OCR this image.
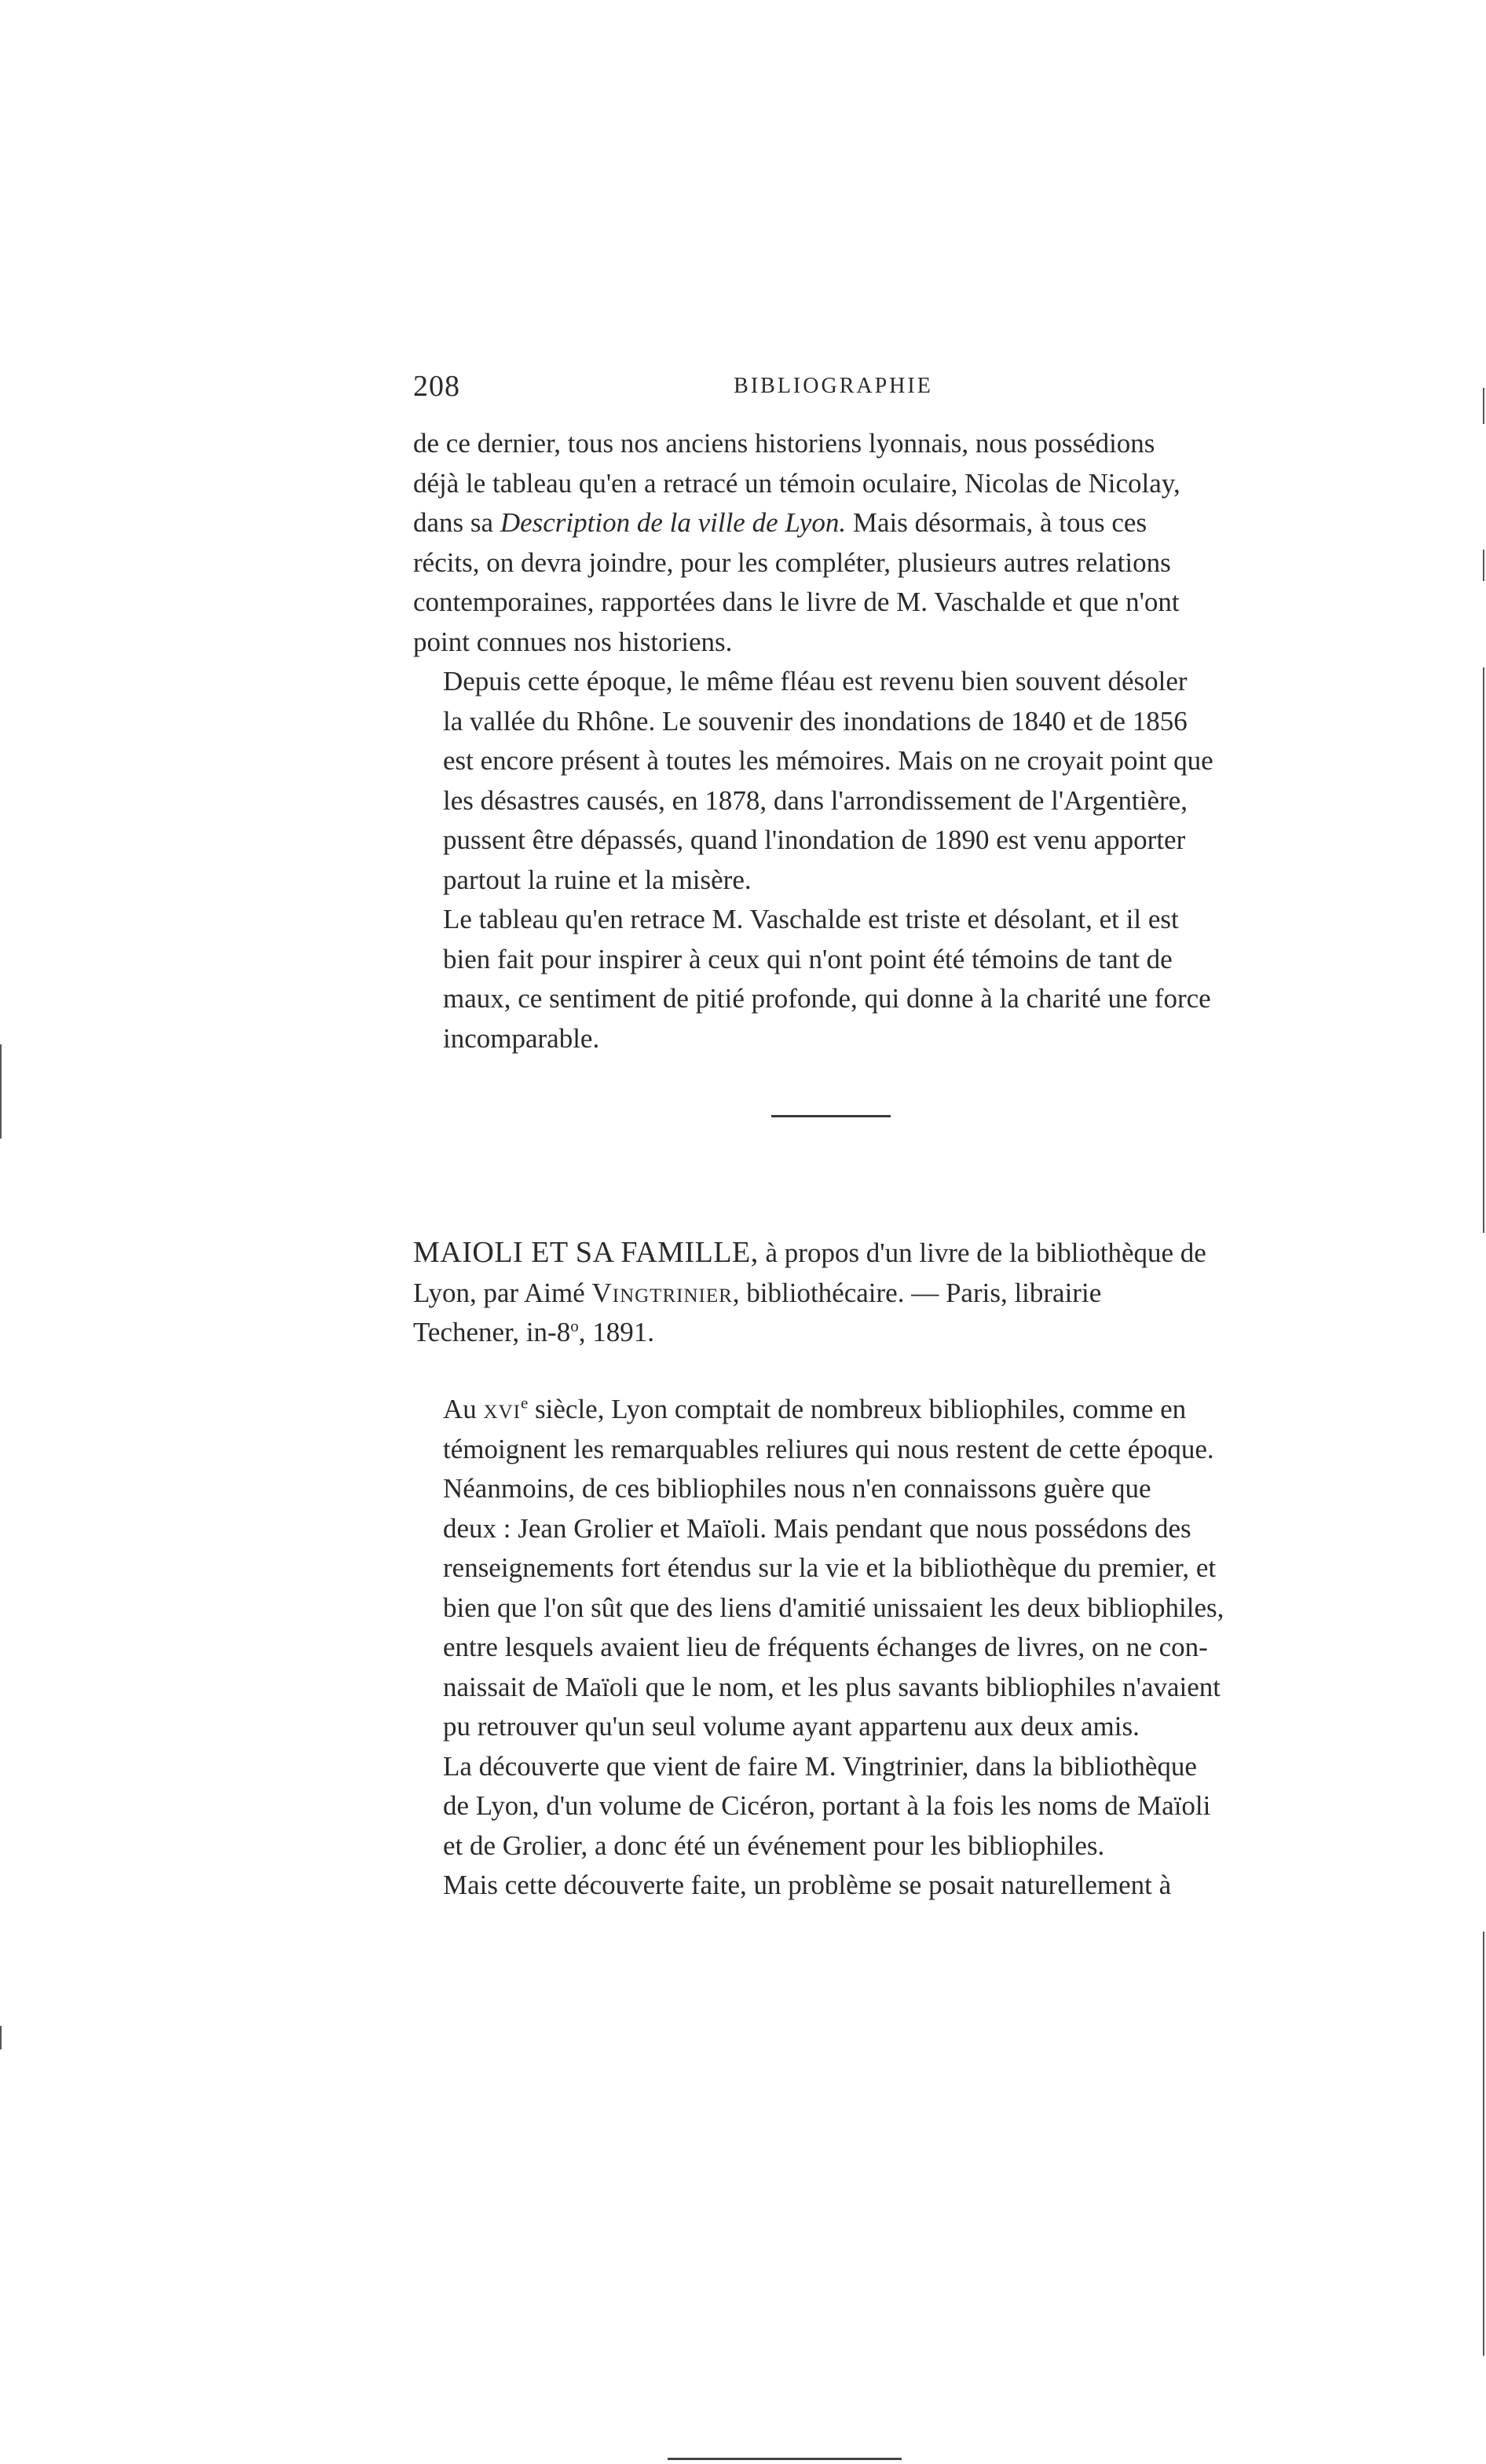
208	BIBLIOGRAPHIE

de ce dernier, tous nos anciens historiens lyonnais, nous possédions
déjà le tableau qu'en a retracé un témoin oculaire, Nicolas de Nicolay,
dans sa Description de la ville de Lyon. Mais désormais, à tous ces
récits, on devra joindre, pour les compléter, plusieurs autres relations
contemporaines, rapportées dans le livre de M. Vaschalde et que n'ont
point connues nos historiens.

Depuis cette époque, le même fléau est revenu bien souvent désoler
la vallée du Rhône. Le souvenir des inondations de 1840 et de 1856
est encore présent à toutes les mémoires. Mais on ne croyait point que
les désastres causés, en 1878, dans l'arrondissement de l'Argentière,
pussent être dépassés, quand l'inondation de 1890 est venu apporter
partout la ruine et la misère.

Le tableau qu'en retrace M. Vaschalde est triste et désolant, et il est
bien fait pour inspirer à ceux qui n'ont point été témoins de tant de
maux, ce sentiment de pitié profonde, qui donne à la charité une force
incomparable.

MAIOLI ET SA FAMILLE, à propos d'un livre de la bibliothèque de
Lyon, par Aimé Vingtrinier, bibliothécaire. — Paris, librairie
Techener, in-8$^o$, 1891.

Au xvi$^e$ siècle, Lyon comptait de nombreux bibliophiles, comme en
témoignent les remarquables reliures qui nous restent de cette époque.

Néanmoins, de ces bibliophiles nous n'en connaissons guère que
deux : Jean Grolier et Maïoli. Mais pendant que nous possédons des
renseignements fort étendus sur la vie et la bibliothèque du premier, et
bien que l'on sût que des liens d'amitié unissaient les deux bibliophiles,
entre lesquels avaient lieu de fréquents échanges de livres, on ne con-
naissait de Maïoli que le nom, et les plus savants bibliophiles n'avaient
pu retrouver qu'un seul volume ayant appartenu aux deux amis.

La découverte que vient de faire M. Vingtrinier, dans la bibliothèque
de Lyon, d'un volume de Cicéron, portant à la fois les noms de Maïoli
et de Grolier, a donc été un événement pour les bibliophiles.

Mais cette découverte faite, un problème se posait naturellement à
